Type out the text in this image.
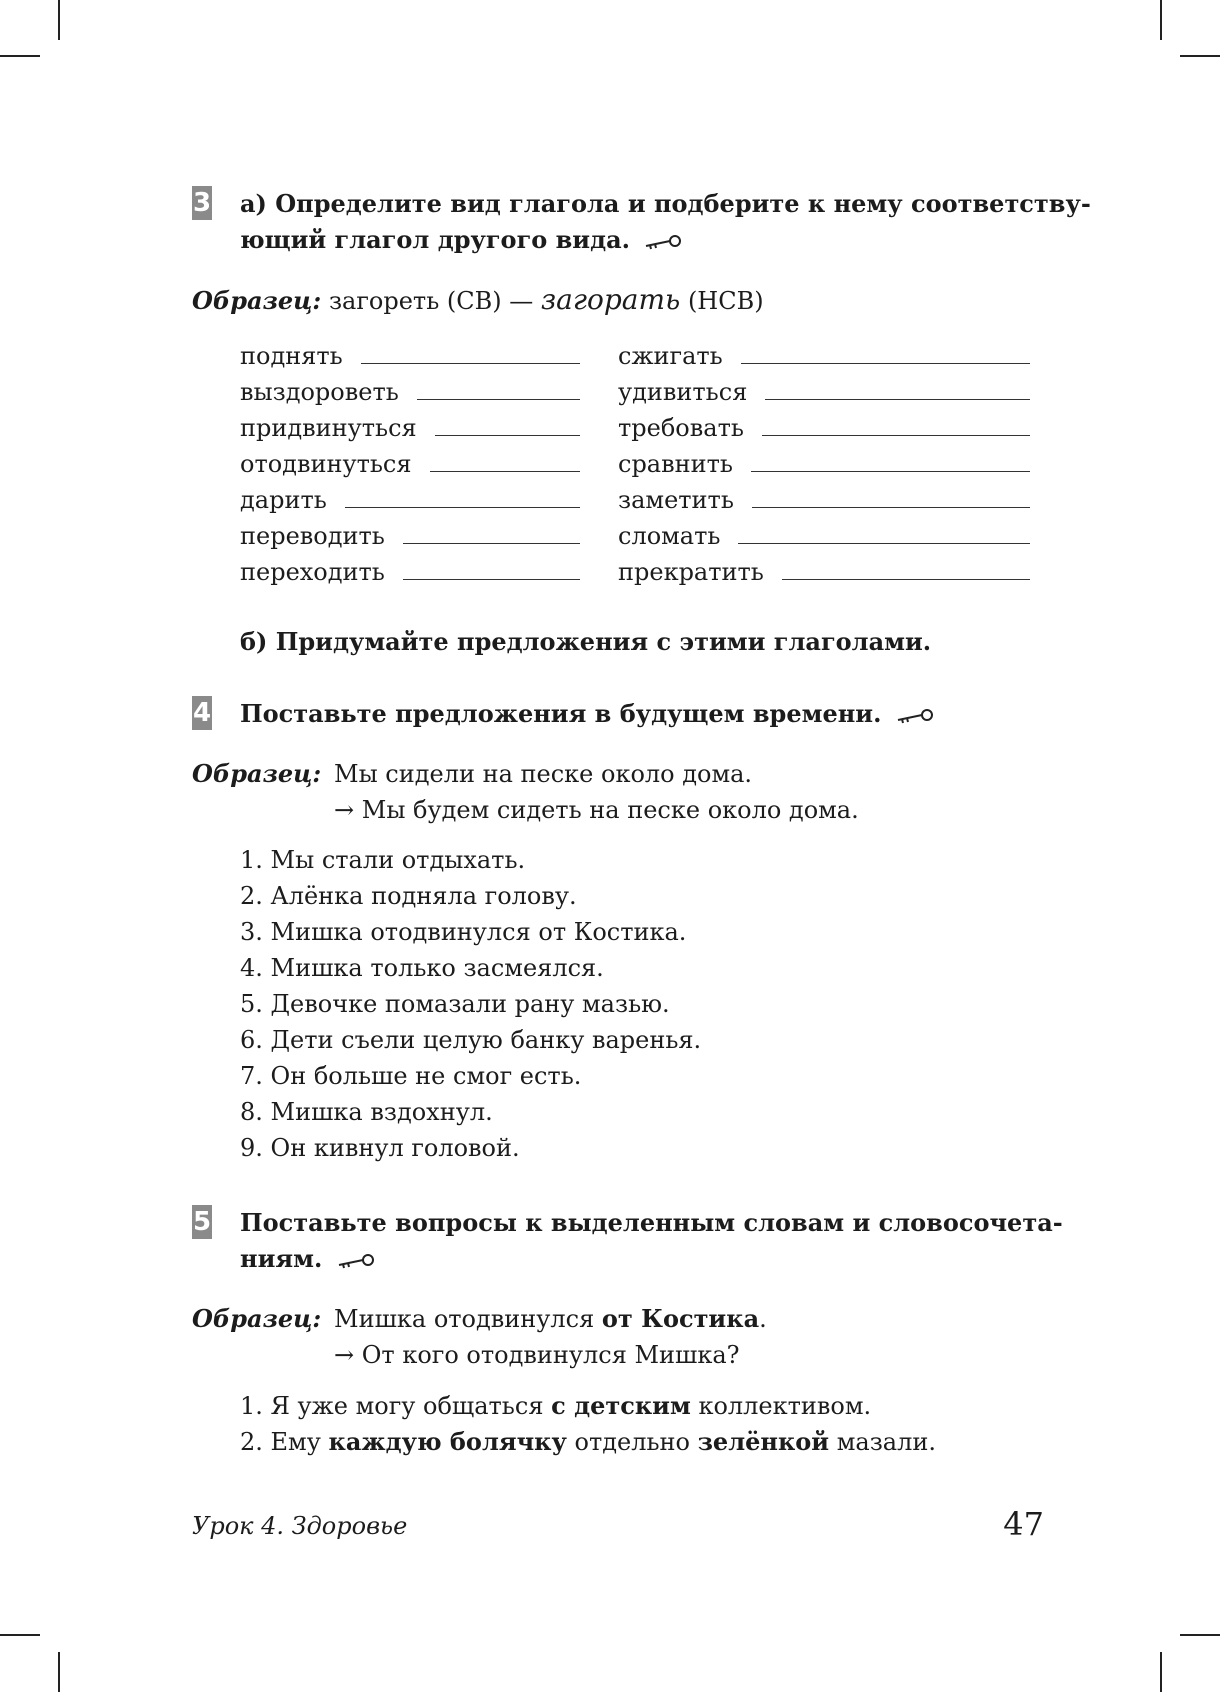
3 а) Определите вид глагола и подберите к нему соответству-
ющий глагол другого вида.
Образец: загореть (СВ) — загорать (НСВ)
поднять
выздороветь
придвинуться
отодвинуться
дарить
переводить
переходить
сжигать
удивиться
требовать
сравнить
заметить
сломать
прекратить
б) Придумайте предложения с этими глаголами.
4 Поставьте предложения в будущем времени.
Образец: Мы сидели на песке около дома.
→ Мы будем сидеть на песке около дома.
1. Мы стали отдыхать.
2. Алёнка подняла голову.
3. Мишка отодвинулся от Костика.
4. Мишка только засмеялся.
5. Девочке помазали рану мазью.
6. Дети съели целую банку варенья.
7. Он больше не смог есть.
8. Мишка вздохнул.
9. Он кивнул головой.
5 Поставьте вопросы к выделенным словам и словосочета-
ниям.
Образец: Мишка отодвинулся от Костика.
→ От кого отодвинулся Мишка?
1. Я уже могу общаться с детским коллективом.
2. Ему каждую болячку отдельно зелёнкой мазали.
Урок 4. Здоровье	47
